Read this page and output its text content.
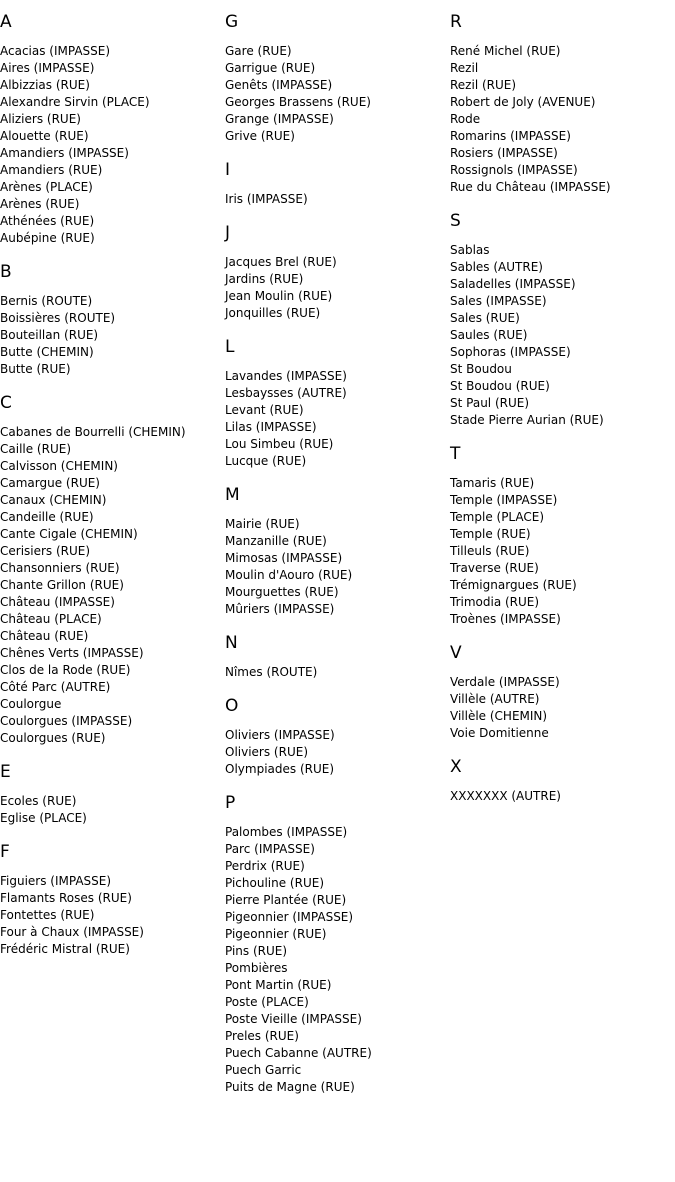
A
Acacias (IMPASSE)
Aires (IMPASSE)
Albizzias (RUE)
Alexandre Sirvin (PLACE)
Aliziers (RUE)
Alouette (RUE)
Amandiers (IMPASSE)
Amandiers (RUE)
Arènes (PLACE)
Arènes (RUE)
Athénées (RUE)
Aubépine (RUE)
B
Bernis (ROUTE)
Boissières (ROUTE)
Bouteillan (RUE)
Butte (CHEMIN)
Butte (RUE)
C
Cabanes de Bourrelli (CHEMIN)
Caille (RUE)
Calvisson (CHEMIN)
Camargue (RUE)
Canaux (CHEMIN)
Candeille (RUE)
Cante Cigale (CHEMIN)
Cerisiers (RUE)
Chansonniers (RUE)
Chante Grillon (RUE)
Château (IMPASSE)
Château (PLACE)
Château (RUE)
Chênes Verts (IMPASSE)
Clos de la Rode (RUE)
Côté Parc (AUTRE)
Coulorgue
Coulorgues (IMPASSE)
Coulorgues (RUE)
E
Ecoles (RUE)
Eglise (PLACE)
F
Figuiers (IMPASSE)
Flamants Roses (RUE)
Fontettes (RUE)
Four à Chaux (IMPASSE)
Frédéric Mistral (RUE)
G
Gare (RUE)
Garrigue (RUE)
Genêts (IMPASSE)
Georges Brassens (RUE)
Grange (IMPASSE)
Grive (RUE)
I
Iris (IMPASSE)
J
Jacques Brel (RUE)
Jardins (RUE)
Jean Moulin (RUE)
Jonquilles (RUE)
L
Lavandes (IMPASSE)
Lesbaysses (AUTRE)
Levant (RUE)
Lilas (IMPASSE)
Lou Simbeu (RUE)
Lucque (RUE)
M
Mairie (RUE)
Manzanille (RUE)
Mimosas (IMPASSE)
Moulin d'Aouro (RUE)
Mourguettes (RUE)
Mûriers (IMPASSE)
N
Nîmes (ROUTE)
O
Oliviers (IMPASSE)
Oliviers (RUE)
Olympiades (RUE)
P
Palombes (IMPASSE)
Parc (IMPASSE)
Perdrix (RUE)
Pichouline (RUE)
Pierre Plantée (RUE)
Pigeonnier (IMPASSE)
Pigeonnier (RUE)
Pins (RUE)
Pombières
Pont Martin (RUE)
Poste (PLACE)
Poste Vieille (IMPASSE)
Preles (RUE)
Puech Cabanne (AUTRE)
Puech Garric
Puits de Magne (RUE)
R
René Michel (RUE)
Rezil
Rezil (RUE)
Robert de Joly (AVENUE)
Rode
Romarins (IMPASSE)
Rosiers (IMPASSE)
Rossignols (IMPASSE)
Rue du Château (IMPASSE)
S
Sablas
Sables (AUTRE)
Saladelles (IMPASSE)
Sales (IMPASSE)
Sales (RUE)
Saules (RUE)
Sophoras (IMPASSE)
St Boudou
St Boudou (RUE)
St Paul (RUE)
Stade Pierre Aurian (RUE)
T
Tamaris (RUE)
Temple (IMPASSE)
Temple (PLACE)
Temple (RUE)
Tilleuls (RUE)
Traverse (RUE)
Trémignargues (RUE)
Trimodia (RUE)
Troènes (IMPASSE)
V
Verdale (IMPASSE)
Villèle (AUTRE)
Villèle (CHEMIN)
Voie Domitienne
X
XXXXXXX (AUTRE)
